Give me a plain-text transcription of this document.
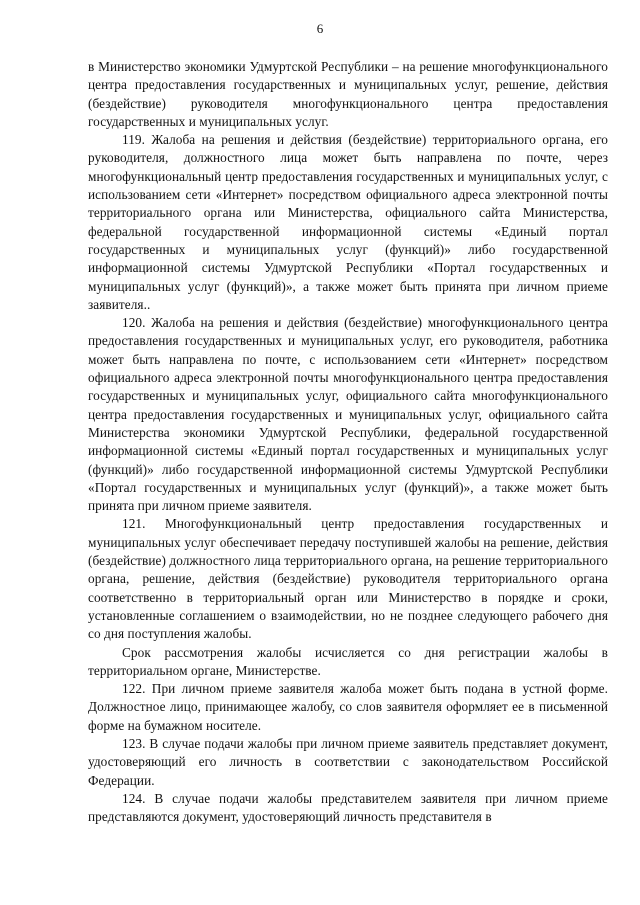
6

в Министерство экономики Удмуртской Республики – на решение многофункционального центра предоставления государственных и муниципальных услуг, решение, действия (бездействие) руководителя многофункционального центра предоставления государственных и муниципальных услуг.

119. Жалоба на решения и действия (бездействие) территориального органа, его руководителя, должностного лица может быть направлена по почте, через многофункциональный центр предоставления государственных и муниципальных услуг, с использованием сети «Интернет» посредством официального адреса электронной почты территориального органа или Министерства, официального сайта Министерства, федеральной государственной информационной системы «Единый портал государственных и муниципальных услуг (функций)» либо государственной информационной системы Удмуртской Республики «Портал государственных и муниципальных услуг (функций)», а также может быть принята при личном приеме заявителя..

120. Жалоба на решения и действия (бездействие) многофункционального центра предоставления государственных и муниципальных услуг, его руководителя, работника может быть направлена по почте, с использованием сети «Интернет» посредством официального адреса электронной почты многофункционального центра предоставления государственных и муниципальных услуг, официального сайта многофункционального центра предоставления государственных и муниципальных услуг, официального сайта Министерства экономики Удмуртской Республики, федеральной государственной информационной системы «Единый портал государственных и муниципальных услуг (функций)» либо государственной информационной системы Удмуртской Республики «Портал государственных и муниципальных услуг (функций)», а также может быть принята при личном приеме заявителя.

121. Многофункциональный центр предоставления государственных и муниципальных услуг обеспечивает передачу поступившей жалобы на решение, действия (бездействие) должностного лица территориального органа, на решение территориального органа, решение, действия (бездействие) руководителя территориального органа соответственно в территориальный орган или Министерство в порядке и сроки, установленные соглашением о взаимодействии, но не позднее следующего рабочего дня со дня поступления жалобы.

Срок рассмотрения жалобы исчисляется со дня регистрации жалобы в территориальном органе, Министерстве.

122. При личном приеме заявителя жалоба может быть подана в устной форме. Должностное лицо, принимающее жалобу, со слов заявителя оформляет ее в письменной форме на бумажном носителе.

123. В случае подачи жалобы при личном приеме заявитель представляет документ, удостоверяющий его личность в соответствии с законодательством Российской Федерации.

124. В случае подачи жалобы представителем заявителя при личном приеме представляются документ, удостоверяющий личность представителя в
